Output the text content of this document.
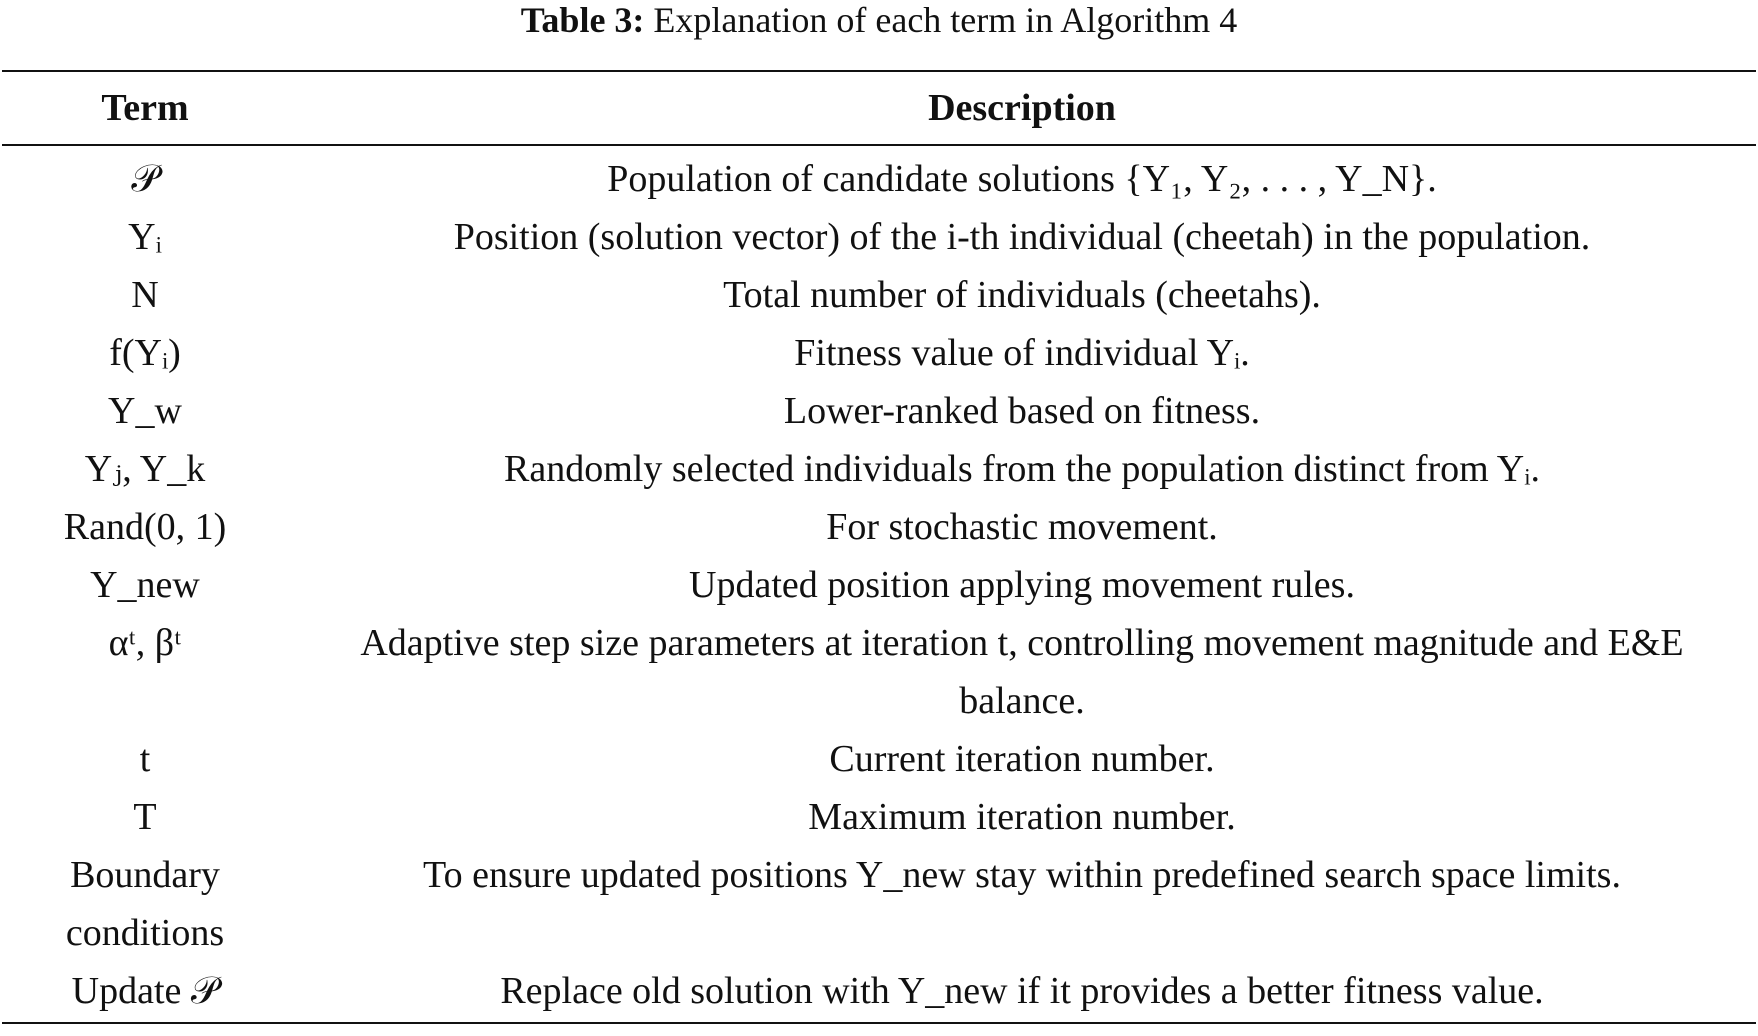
Table 3: Explanation of each term in Algorithm 4
Term	Description
𝒫	Population of candidate solutions {Y₁, Y₂, . . . , Y_N}.
Yᵢ	Position (solution vector) of the i-th individual (cheetah) in the population.
N	Total number of individuals (cheetahs).
f(Yᵢ)	Fitness value of individual Yᵢ.
Y_w	Lower-ranked based on fitness.
Yⱼ, Y_k	Randomly selected individuals from the population distinct from Yᵢ.
Rand(0, 1)	For stochastic movement.
Y_new	Updated position applying movement rules.
αᵗ, βᵗ	Adaptive step size parameters at iteration t, controlling movement magnitude and E&E balance.
t	Current iteration number.
T	Maximum iteration number.
Boundary conditions	To ensure updated positions Y_new stay within predefined search space limits.
Update 𝒫	Replace old solution with Y_new if it provides a better fitness value.
